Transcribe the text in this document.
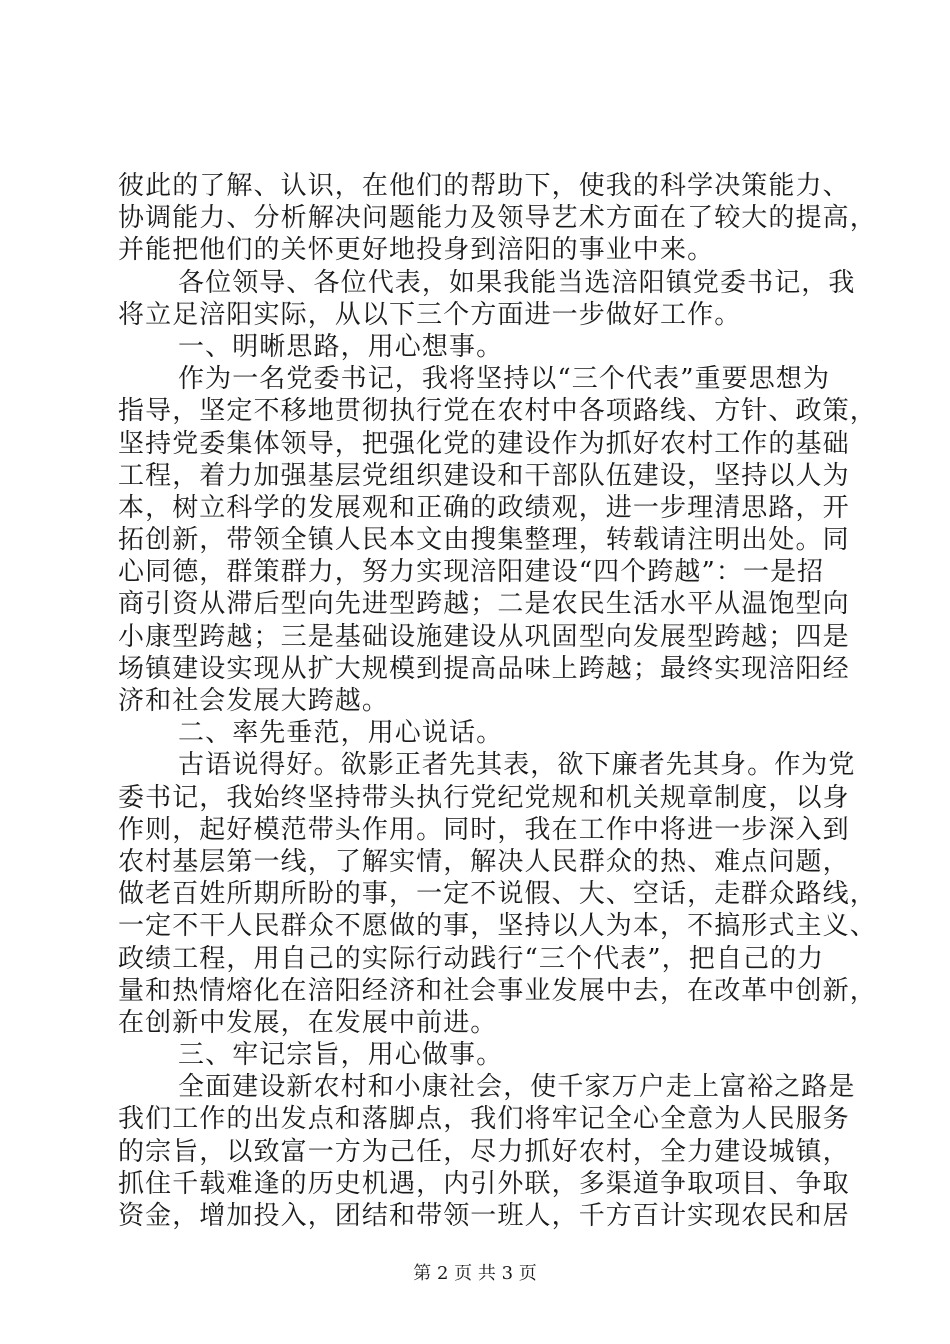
彼此的了解、认识，在他们的帮助下，使我的科学决策能力、
协调能力、分析解决问题能力及领导艺术方面在了较大的提高，
并能把他们的关怀更好地投身到涪阳的事业中来。
各位领导、各位代表，如果我能当选涪阳镇党委书记，我
将立足涪阳实际，从以下三个方面进一步做好工作。
一、明晰思路，用心想事。
作为一名党委书记，我将坚持以“三个代表”重要思想为
指导，坚定不移地贯彻执行党在农村中各项路线、方针、政策，
坚持党委集体领导，把强化党的建设作为抓好农村工作的基础
工程，着力加强基层党组织建设和干部队伍建设，坚持以人为
本，树立科学的发展观和正确的政绩观，进一步理清思路，开
拓创新，带领全镇人民本文由搜集整理，转载请注明出处。同
心同德，群策群力，努力实现涪阳建设“四个跨越”：一是招
商引资从滞后型向先进型跨越；二是农民生活水平从温饱型向
小康型跨越；三是基础设施建设从巩固型向发展型跨越；四是
场镇建设实现从扩大规模到提高品味上跨越；最终实现涪阳经
济和社会发展大跨越。
二、率先垂范，用心说话。
古语说得好。欲影正者先其表，欲下廉者先其身。作为党
委书记，我始终坚持带头执行党纪党规和机关规章制度，以身
作则，起好模范带头作用。同时，我在工作中将进一步深入到
农村基层第一线，了解实情，解决人民群众的热、难点问题，
做老百姓所期所盼的事，一定不说假、大、空话，走群众路线，
一定不干人民群众不愿做的事，坚持以人为本，不搞形式主义、
政绩工程，用自己的实际行动践行“三个代表”，把自己的力
量和热情熔化在涪阳经济和社会事业发展中去，在改革中创新，
在创新中发展，在发展中前进。
三、牢记宗旨，用心做事。
全面建设新农村和小康社会，使千家万户走上富裕之路是
我们工作的出发点和落脚点，我们将牢记全心全意为人民服务
的宗旨，以致富一方为己任，尽力抓好农村，全力建设城镇，
抓住千载难逢的历史机遇，内引外联，多渠道争取项目、争取
资金，增加投入，团结和带领一班人，千方百计实现农民和居
第 2 页 共 3 页
